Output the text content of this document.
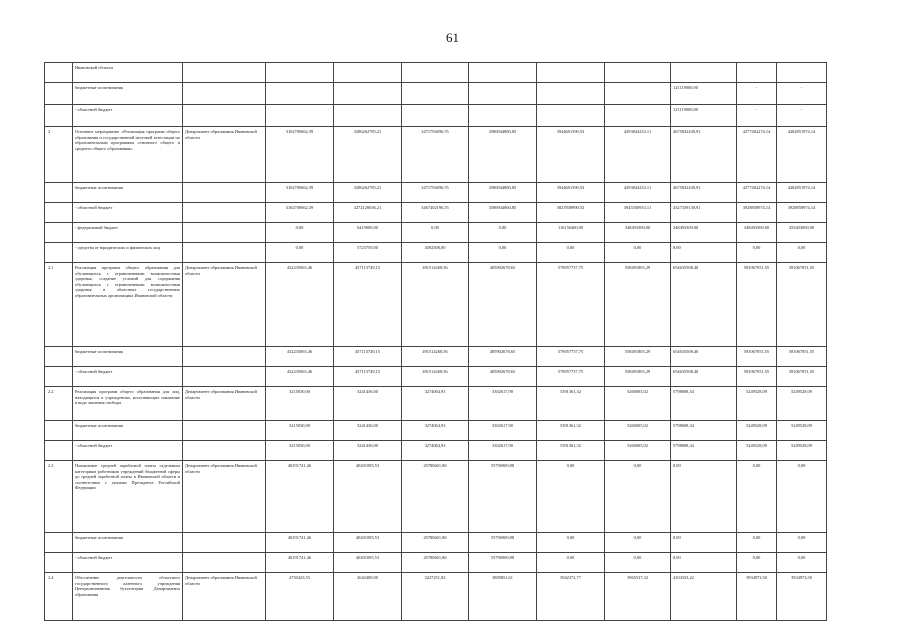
61
	Ивановской области										
	бюджетные ассигнования								121119000,00	-	-
	- областной бюджет								121119000,00	-	-
2	Основное мероприятие «Реализация программ общего образования и государственной итоговой аттестации по образовательным программам основного общего и среднего общего образования»	Департамент образования Ивановской области	3162700662,39	3286262785,21	3471794696,55	3586944860,85	3944601390,53	4293844233,11	4675832430,91	4277402274,14	4282851974,14
	бюджетные ассигнования		3162700662,39	3286262785,21	3471794696,55	3586944860,85	3944601390,53	4293844233,11	4675832430,91	4277402274,14	4282851974,14
	- областной бюджет		3162700662,39	3272120036,21	3467402196,55	3586944860,85	3827838990,53	3945350933,11	4327339130,91	3928858974,14	3928858974,14
	- федеральный бюджет		0,00	6419000,00	0,00	0,00	116156400,00	348493300,00	348493300,00	348493300,00	353403000,00
	- средства от юридических и физических лиц		0,00	5723750,00	4392500,00	0,00	0,00	0,00	0,00	0,00	0,00
2.1	Реализация программ общего образования для обучающихся с ограниченными возможностями здоровья, создание условий для содержания обучающихся с ограниченными возможностями здоровья в областных государственных образовательных организациях Ивановской области	Департамент образования Ивановской области	432235065,46	457113749,15	491514268,56	485902678,65	579057737,75	558491805,29	654635508,40	581067051,55	581067051,55
	бюджетные ассигнования		432235065,46	457113749,15	491514268,56	485902678,65	579057737,75	558491805,29	654635508,40	581067051,55	581067051,55
	- областной бюджет		432235065,46	457113749,15	491514268,56	485902678,65	579057737,75	558491805,29	654635508,40	581067051,55	581067051,55
2.2	Реализация программ общего образования для лиц, находящихся в учреждениях, исполняющих наказание в виде лишения свободы	Департамент образования Ивановской области	3215030,00	3241436,00	3274064,93	3302617,90	5391361,32	5260005,02	5798688,34	5249528,09	5249528,09
	бюджетные ассигнования		3215030,00	3241436,00	3274064,93	3302617,90	5391361,32	5260005,02	5798688,34	5249528,09	5249528,09
	- областной бюджет		3215030,00	3241436,00	3274064,93	3302617,90	5391361,32	5260005,02	5798688,34	5249528,09	5249528,09
2.3	Повышение средней заработной платы отдельным категориям работников учреждений бюджетной сферы до средней заработной платы в Ивановской области в соответствии с указами Президента Российской Федерации	Департамент образования Ивановской области	40191741,46	40201095,53	45780601,86	55796969,88	0,00	0,00	0,00	0,00	0,00
	бюджетные ассигнования		40191741,46	40201095,53	45780601,86	55796969,88	0,00	0,00	0,00	0,00	0,00
	- областной бюджет		40191741,46	40201095,53	45780601,86	55796969,88	0,00	0,00	0,00	0,00	0,00
2.4	Обеспечение деятельности областного государственного казенного учреждения Централизованная бухгалтерия Департамента образования	Департамент образования Ивановской области	2750423,55	2642400,00	3227251,82	3809851,61	3942372,77	3965537,32	4104333,22	3934973,50	3934973,50
